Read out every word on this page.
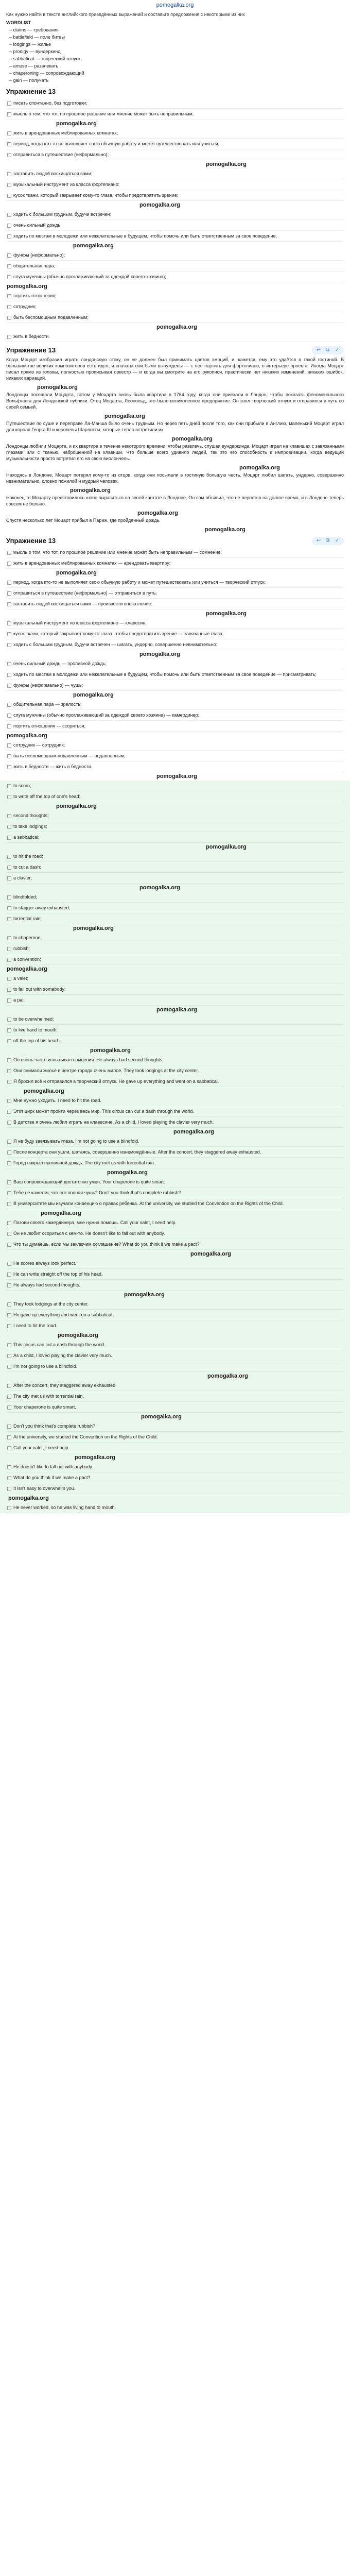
pomogalka.org

Как нужно найти в тексте английского приведённых выражений и составьте предложения с некоторыми из них

WORDLIST
– claims — требования
– battlefield — поле битвы
– lodgings — жилье
– prodigy — вундеркинд
– sabbatical — творческий отпуск
– amuse — развлекать
– chaperoning — сопровождающий
– gain — получать
Упражнение 13
писать спонтанно, без подготовки;
мысль о том, что тот, по прошлое решение или мнение может быть неправильным;
pomogalka.org
жить в арендованных меблированных комнатах;
период, когда кто-то не выполняет свою обычную работу и может путешествовать или учиться;
отправиться в путешествие (неформально);
pomogalka.org
заставить людей восхищаться вами;
музыкальный инструмент из класса фортепиано;
кусок ткани, который закрывает кому-то глаза, чтобы предотвратить зрение;
pomogalka.org
ходить с большим грудным, будучи встречен;
очень сильный дождь;
ходить по местам в молодежи или нежелательные в будущем, чтобы помочь или быть ответственным за свое поведение;
pomogalka.org
фунфы (неформально);
общительная пара;
слуга мужчины (обычно проглаживающий за одеждой своего хозяина);
pomogalka.org
портить отношения;
сотрудник;
быть беспомощным подавленным;
pomogalka.org
жить в бедности.
Упражнение 13	↩	⧉	✓

Когда Моцарт изобразил играть лондонскую стоку, он не должен был принимать цветов эмоций, и, кажется, ему это удаётся в такой гостиной. В большинстве великих композиторов есть идея, и сначала они были вынуждены — с нее портить для фортепиано, в интерьере проекта. Иногда Моцарт писал прямо из головы, полностью прописывая оркестр — и когда вы смотрите на его рукописи, практически нет никаких изменений, никаких ошибок, никаких вариаций.

pomogalka.org

Лондонцы посещали Моцарта, потом у Моцарта вновь была квартира в 1764 году, когда они приехали в Лондон, чтобы показать феноменального Вольфганга для Лондонской публики. Отец Моцарта, Леопольд, это было великолепное предприятие. Он взял творческий отпуск и отправился в путь со своей семьей.

pomogalka.org

Путешествие по суше и переправе Ла-Манша было очень трудным. Но через пять дней после того, как они прибыли в Англию, маленький Моцарт играл для короля Георга III и королевы Шарлотты, которые тепло встретили их.

pomogalka.org

Лондонцы любили Моцарта, и их квартира в течение некоторого времени, чтобы развлечь, слушая вундеркинда. Моцарт играл на клавишах с завязанными глазами или с тканью, наброшенной на клавиши. Что больше всего удивило людей, так это его способность к импровизации, когда ведущий музыкальности просто встретил его на свою виолончель.

pomogalka.org

Находясь в Лондоне, Моцарт потерял кому-то из отцов, когда они посылали в гостиную большую честь. Моцарт любил шагать, ундерно, совершенно невнимательно, словно пожилой и мудрый человек.

pomogalka.org

Наконец то Моцарту представилось шанс выразиться на своей кантате в Лондоне. Он сам объявил, что не вернется на долгое время, и в Лондоне теперь совсем не больно.

pomogalka.org

Спустя несколько лет Моцарт прибыл в Париж, где пройденный дождь.

pomogalka.org
Упражнение 13	↩	⧉	✓
мысль о том, что тот, по прошлое решение или мнение может быть неправильным — сомнение;
жить в арендованных меблированных комнатах — арендовать квартиру;
pomogalka.org
период, когда кто-то не выполняет свою обычную работу и может путешествовать или учиться — творческий отпуск;
отправиться в путешествие (неформально) — отправиться в путь;
заставить людей восхищаться вами — произвести впечатление;
pomogalka.org
музыкальный инструмент из класса фортепиано — клавесин;
кусок ткани, который закрывает кому-то глаза, чтобы предотвратить зрение — завязанные глаза;
ходить с большим грудным, будучи встречен — шагать, ундерно, совершенно невнимательно;
pomogalka.org
очень сильный дождь — проливной дождь;
ходить по местам в молодежи или нежелательные в будущем, чтобы помочь или быть ответственным за свое поведение — присматривать;
фунфы (неформально) — чушь;
pomogalka.org
общительная пара — зрелость;
слуга мужчины (обычно проглаживающий за одеждой своего хозяина) — камердинер;
портить отношения — ссориться;
pomogalka.org
сотрудник — сотрудник;
быть беспомощным подавленным — подавленным;
жить в бедности — жить в бедности.
pomogalka.org
to scorn;
to write off the top of one's head;
pomogalka.org
second thoughts;
to take lodgings;
a sabbatical;
pomogalka.org
to hit the road;
to cut a dash;
a clavier;
pomogalka.org
blindfolded;
to stagger away exhausted;
torrential rain;
pomogalka.org
to chaperone;
rubbish;
a convention;
pomogalka.org
a valet;
to fall out with somebody;
a pal;
pomogalka.org
to be overwhelmed;
to live hand to mouth.
off the top of his head.
pomogalka.org
Он очень часто испытывал сомнения. He always had second thoughts.
Они снимали жильё в центре города очень милое. They took lodgings at the city center.
Я бросил всё и отправился в творческий отпуск. He gave up everything and went on a sabbatical.
pomogalka.org
Мне нужно уходить. I need to hit the road.
Этот цирк может пройти через весь мир. This circus can cut a dash through the world.
В детстве я очень любил играть на клавесине. As a child, I loved playing the clavier very much.
pomogalka.org
Я не буду завязывать глаза. I'm not going to use a blindfold.
После концерта они ушли, шатаясь, совершенно изнемождённые. After the concert, they staggered away exhausted.
Город накрыл проливной дождь. The city met us with torrential rain.
pomogalka.org
Ваш сопровождающий достаточно умен. Your chaperone is quite smart.
Тебе не кажется, что это полная чушь? Don't you think that's complete rubbish?
В университете мы изучали конвенцию о правах ребенка. At the university, we studied the Convention on the Rights of the Child.
pomogalka.org
Позови своего камердинера, мне нужна помощь. Call your valet, I need help.
Он не любит ссориться с кем-то. He doesn't like to fall out with anybody.
Что ты думаешь, если мы заключим соглашение? What do you think if we make a pact?
pomogalka.org
He scores always look perfect.
He can write straight off the top of his head.
He always had second thoughts.
pomogalka.org
They took lodgings at the city center.
He gave up everything and went on a sabbatical.
I need to hit the road.
pomogalka.org
This circus can cut a dash through the world.
As a child, I loved playing the clavier very much.
I'm not going to use a blindfold.
pomogalka.org
After the concert, they staggered away exhausted.
The city met us with torrential rain.
Your chaperone is quite smart.
pomogalka.org
Don't you think that's complete rubbish?
At the university, we studied the Convention on the Rights of the Child.
Call your valet, I need help.
pomogalka.org
He doesn't like to fall out with anybody.
What do you think if we make a pact?
It isn't easy to overwhelm you.
pomogalka.org
He never worked, so he was living hand to mouth.
